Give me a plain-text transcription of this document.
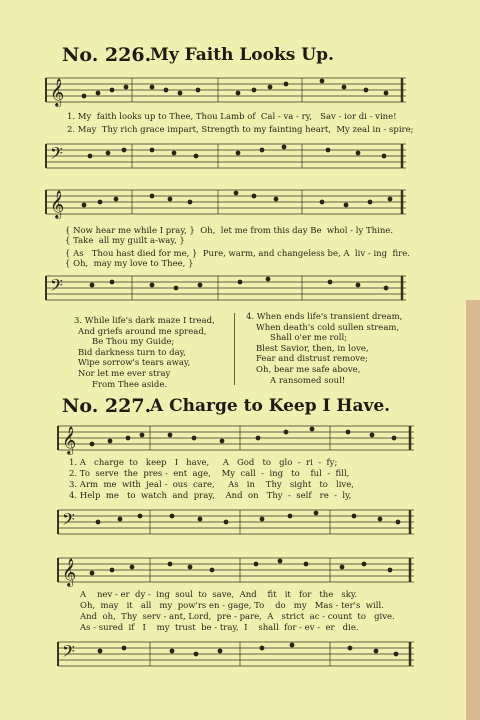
No. 226.
My Faith Looks Up.
𝄞
1. My  faith looks up to Thee, Thou Lamb of  Cal - va - ry,   Sav - ior di - vine!
2. May  Thy rich grace impart, Strength to my fainting heart,  My zeal in - spire;
𝄢
𝄞
{ Now hear me while I pray, }  Oh,  let me from this day Be  whol - ly Thine.
{ Take  all my guilt a-way, }
{ As   Thou hast died for me, }  Pure, warm, and changeless be, A  liv - ing  fire.
{ Oh,  may my love to Thee, }
𝄢
3. While life's dark maze I tread,
And griefs around me spread,
Be Thou my Guide;
Bid darkness turn to day,
Wipe sorrow's tears away,
Nor let me ever stray
From Thee aside.
4. When ends life's transient dream,
When death's cold sullen stream,
Shall o'er me roll;
Blest Savior, then, in love,
Fear and distrust remove;
Oh, bear me safe above,
A ransomed soul!
No. 227.
A Charge to Keep I Have.
𝄞
1. A   charge  to   keep   I   have,     A   God   to   glo  -  ri  -  fy;
2. To  serve  the  pres -  ent  age,    My  call  -  ing   to    ful  -  fill,
3. Arm  me  with  jeal -  ous  care,     As   in    Thy   sight   to   live,
4. Help  me   to  watch  and  pray,    And  on   Thy  -  self   re  -  ly,
𝄢
𝄞
A    nev - er  dy -  ing  soul  to  save,  And    fit   it   for   the   sky.
Oh,  may   it   all   my  pow'rs en - gage, To    do   my   Mas - ter's  will.
And  oh,  Thy  serv - ant, Lord,  pre - pare,  A   strict  ac - count  to   give.
As - sured  if   I    my  trust  be - tray,  I    shall  for - ev -  er   die.
𝄢
